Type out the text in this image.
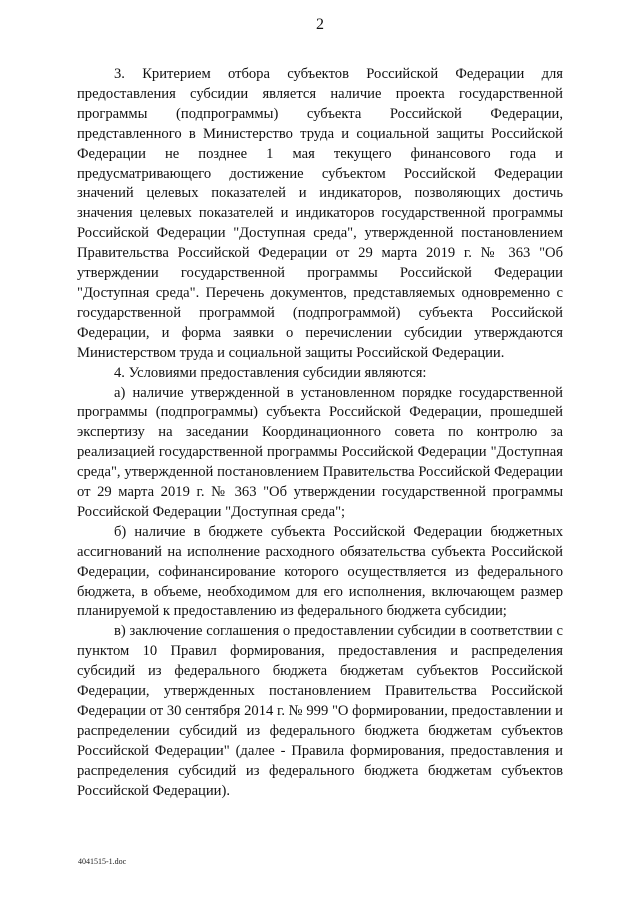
2

3. Критерием отбора субъектов Российской Федерации для предоставления субсидии является наличие проекта государственной программы (подпрограммы) субъекта Российской Федерации, представленного в Министерство труда и социальной защиты Российской Федерации не позднее 1 мая текущего финансового года и предусматривающего достижение субъектом Российской Федерации значений целевых показателей и индикаторов, позволяющих достичь значения целевых показателей и индикаторов государственной программы Российской Федерации "Доступная среда", утвержденной постановлением Правительства Российской Федерации от 29 марта 2019 г. № 363 "Об утверждении государственной программы Российской Федерации "Доступная среда". Перечень документов, представляемых одновременно с государственной программой (подпрограммой) субъекта Российской Федерации, и форма заявки о перечислении субсидии утверждаются Министерством труда и социальной защиты Российской Федерации.

4. Условиями предоставления субсидии являются:

а) наличие утвержденной в установленном порядке государственной программы (подпрограммы) субъекта Российской Федерации, прошедшей экспертизу на заседании Координационного совета по контролю за реализацией государственной программы Российской Федерации "Доступная среда", утвержденной постановлением Правительства Российской Федерации от 29 марта 2019 г. № 363 "Об утверждении государственной программы Российской Федерации "Доступная среда";

б) наличие в бюджете субъекта Российской Федерации бюджетных ассигнований на исполнение расходного обязательства субъекта Российской Федерации, софинансирование которого осуществляется из федерального бюджета, в объеме, необходимом для его исполнения, включающем размер планируемой к предоставлению из федерального бюджета субсидии;

в) заключение соглашения о предоставлении субсидии в соответствии с пунктом 10 Правил формирования, предоставления и распределения субсидий из федерального бюджета бюджетам субъектов Российской Федерации, утвержденных постановлением Правительства Российской Федерации от 30 сентября 2014 г. № 999 "О формировании, предоставлении и распределении субсидий из федерального бюджета бюджетам субъектов Российской Федерации" (далее - Правила формирования, предоставления и распределения субсидий из федерального бюджета бюджетам субъектов Российской Федерации).

4041515-1.doc
